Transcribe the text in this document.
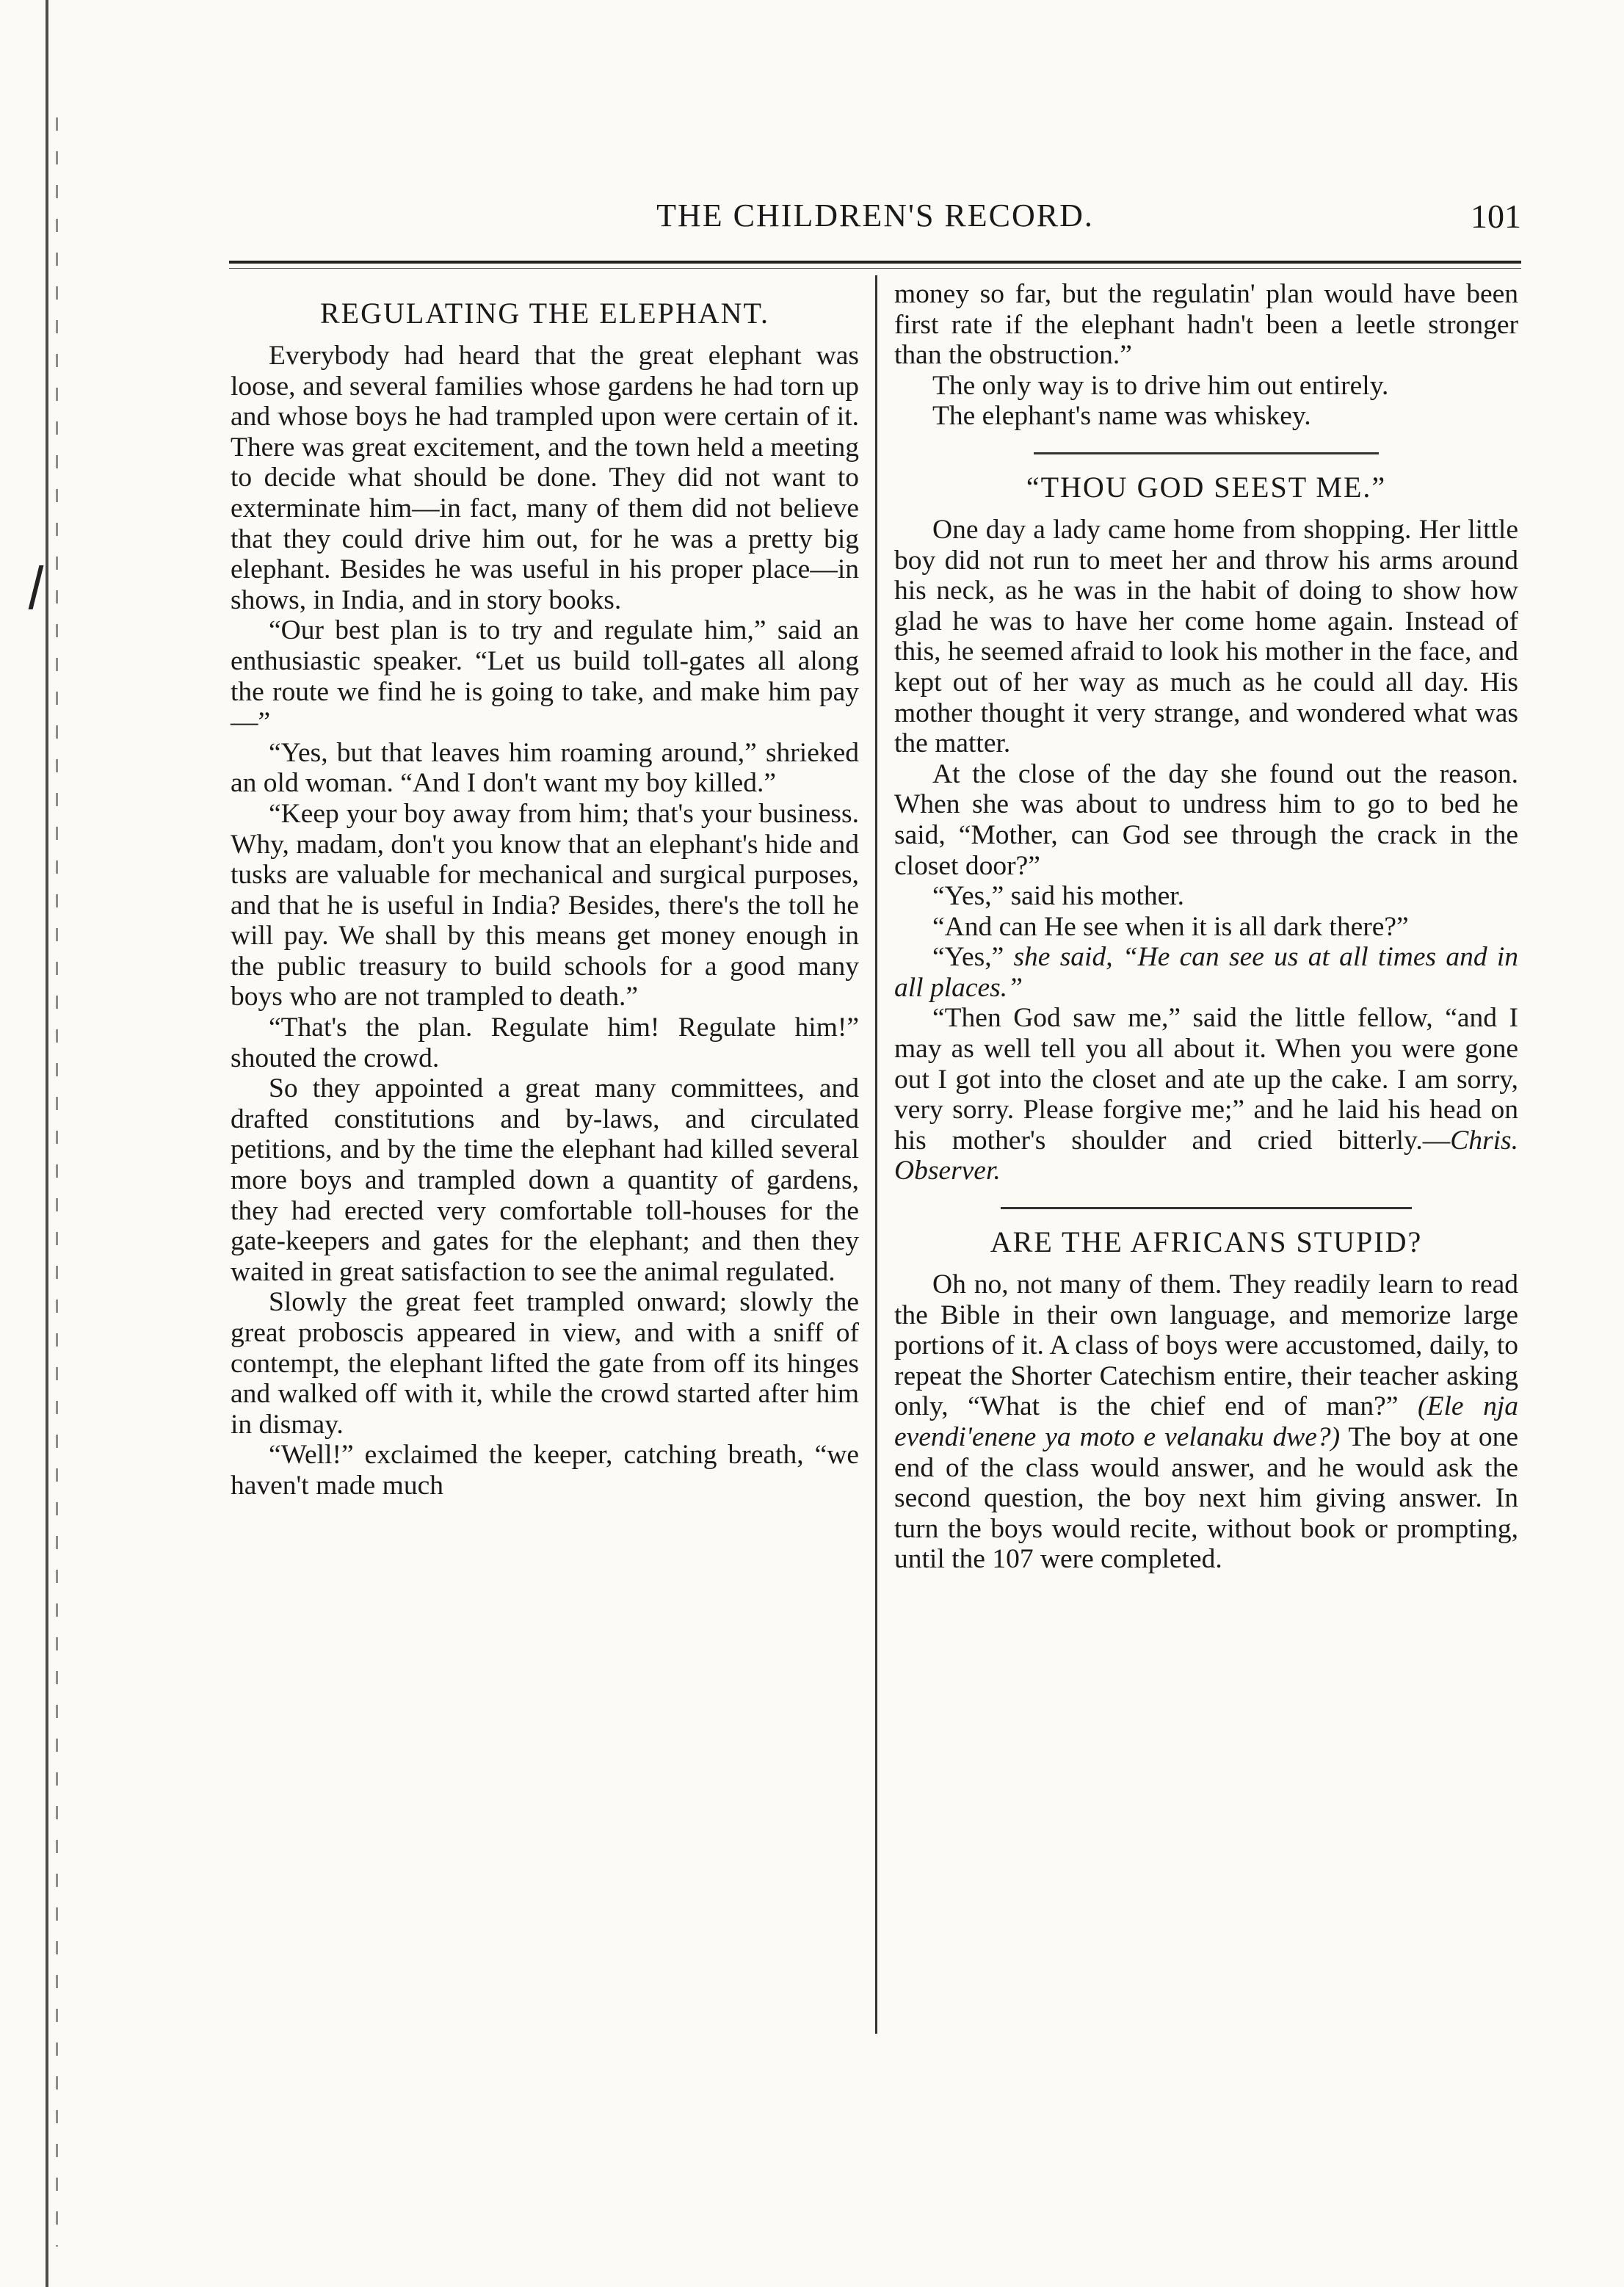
THE CHILDREN'S RECORD.	101
REGULATING THE ELEPHANT.

Everybody had heard that the great elephant was loose, and several families whose gardens he had torn up and whose boys he had trampled upon were certain of it. There was great excitement, and the town held a meeting to decide what should be done. They did not want to exterminate him—in fact, many of them did not believe that they could drive him out, for he was a pretty big elephant. Besides he was useful in his proper place—in shows, in India, and in story books.

“Our best plan is to try and regulate him,” said an enthusiastic speaker. “Let us build toll-gates all along the route we find he is going to take, and make him pay—”

“Yes, but that leaves him roaming around,” shrieked an old woman. “And I don't want my boy killed.”

“Keep your boy away from him; that's your business. Why, madam, don't you know that an elephant's hide and tusks are valuable for mechanical and surgical purposes, and that he is useful in India? Besides, there's the toll he will pay. We shall by this means get money enough in the public treasury to build schools for a good many boys who are not trampled to death.”

“That's the plan. Regulate him! Regulate him!” shouted the crowd.

So they appointed a great many committees, and drafted constitutions and by-laws, and circulated petitions, and by the time the elephant had killed several more boys and trampled down a quantity of gardens, they had erected very comfortable toll-houses for the gate-keepers and gates for the elephant; and then they waited in great satisfaction to see the animal regulated.

Slowly the great feet trampled onward; slowly the great proboscis appeared in view, and with a sniff of contempt, the elephant lifted the gate from off its hinges and walked off with it, while the crowd started after him in dismay.

“Well!” exclaimed the keeper, catching breath, “we haven't made much

money so far, but the regulatin' plan would have been first rate if the elephant hadn't been a leetle stronger than the obstruction.”

The only way is to drive him out entirely.

The elephant's name was whiskey.

“THOU GOD SEEST ME.”

One day a lady came home from shopping. Her little boy did not run to meet her and throw his arms around his neck, as he was in the habit of doing to show how glad he was to have her come home again. Instead of this, he seemed afraid to look his mother in the face, and kept out of her way as much as he could all day. His mother thought it very strange, and wondered what was the matter.

At the close of the day she found out the reason. When she was about to undress him to go to bed he said, “Mother, can God see through the crack in the closet door?”

“Yes,” said his mother.

“And can He see when it is all dark there?”

“Yes,” she said, “He can see us at all times and in all places.”

“Then God saw me,” said the little fellow, “and I may as well tell you all about it. When you were gone out I got into the closet and ate up the cake. I am sorry, very sorry. Please forgive me;” and he laid his head on his mother's shoulder and cried bitterly.—Chris. Observer.

ARE THE AFRICANS STUPID?

Oh no, not many of them. They readily learn to read the Bible in their own language, and memorize large portions of it. A class of boys were accustomed, daily, to repeat the Shorter Catechism entire, their teacher asking only, “What is the chief end of man?” (Ele nja evendi'enene ya moto e velanaku dwe?) The boy at one end of the class would answer, and he would ask the second question, the boy next him giving answer. In turn the boys would recite, without book or prompting, until the 107 were completed.
